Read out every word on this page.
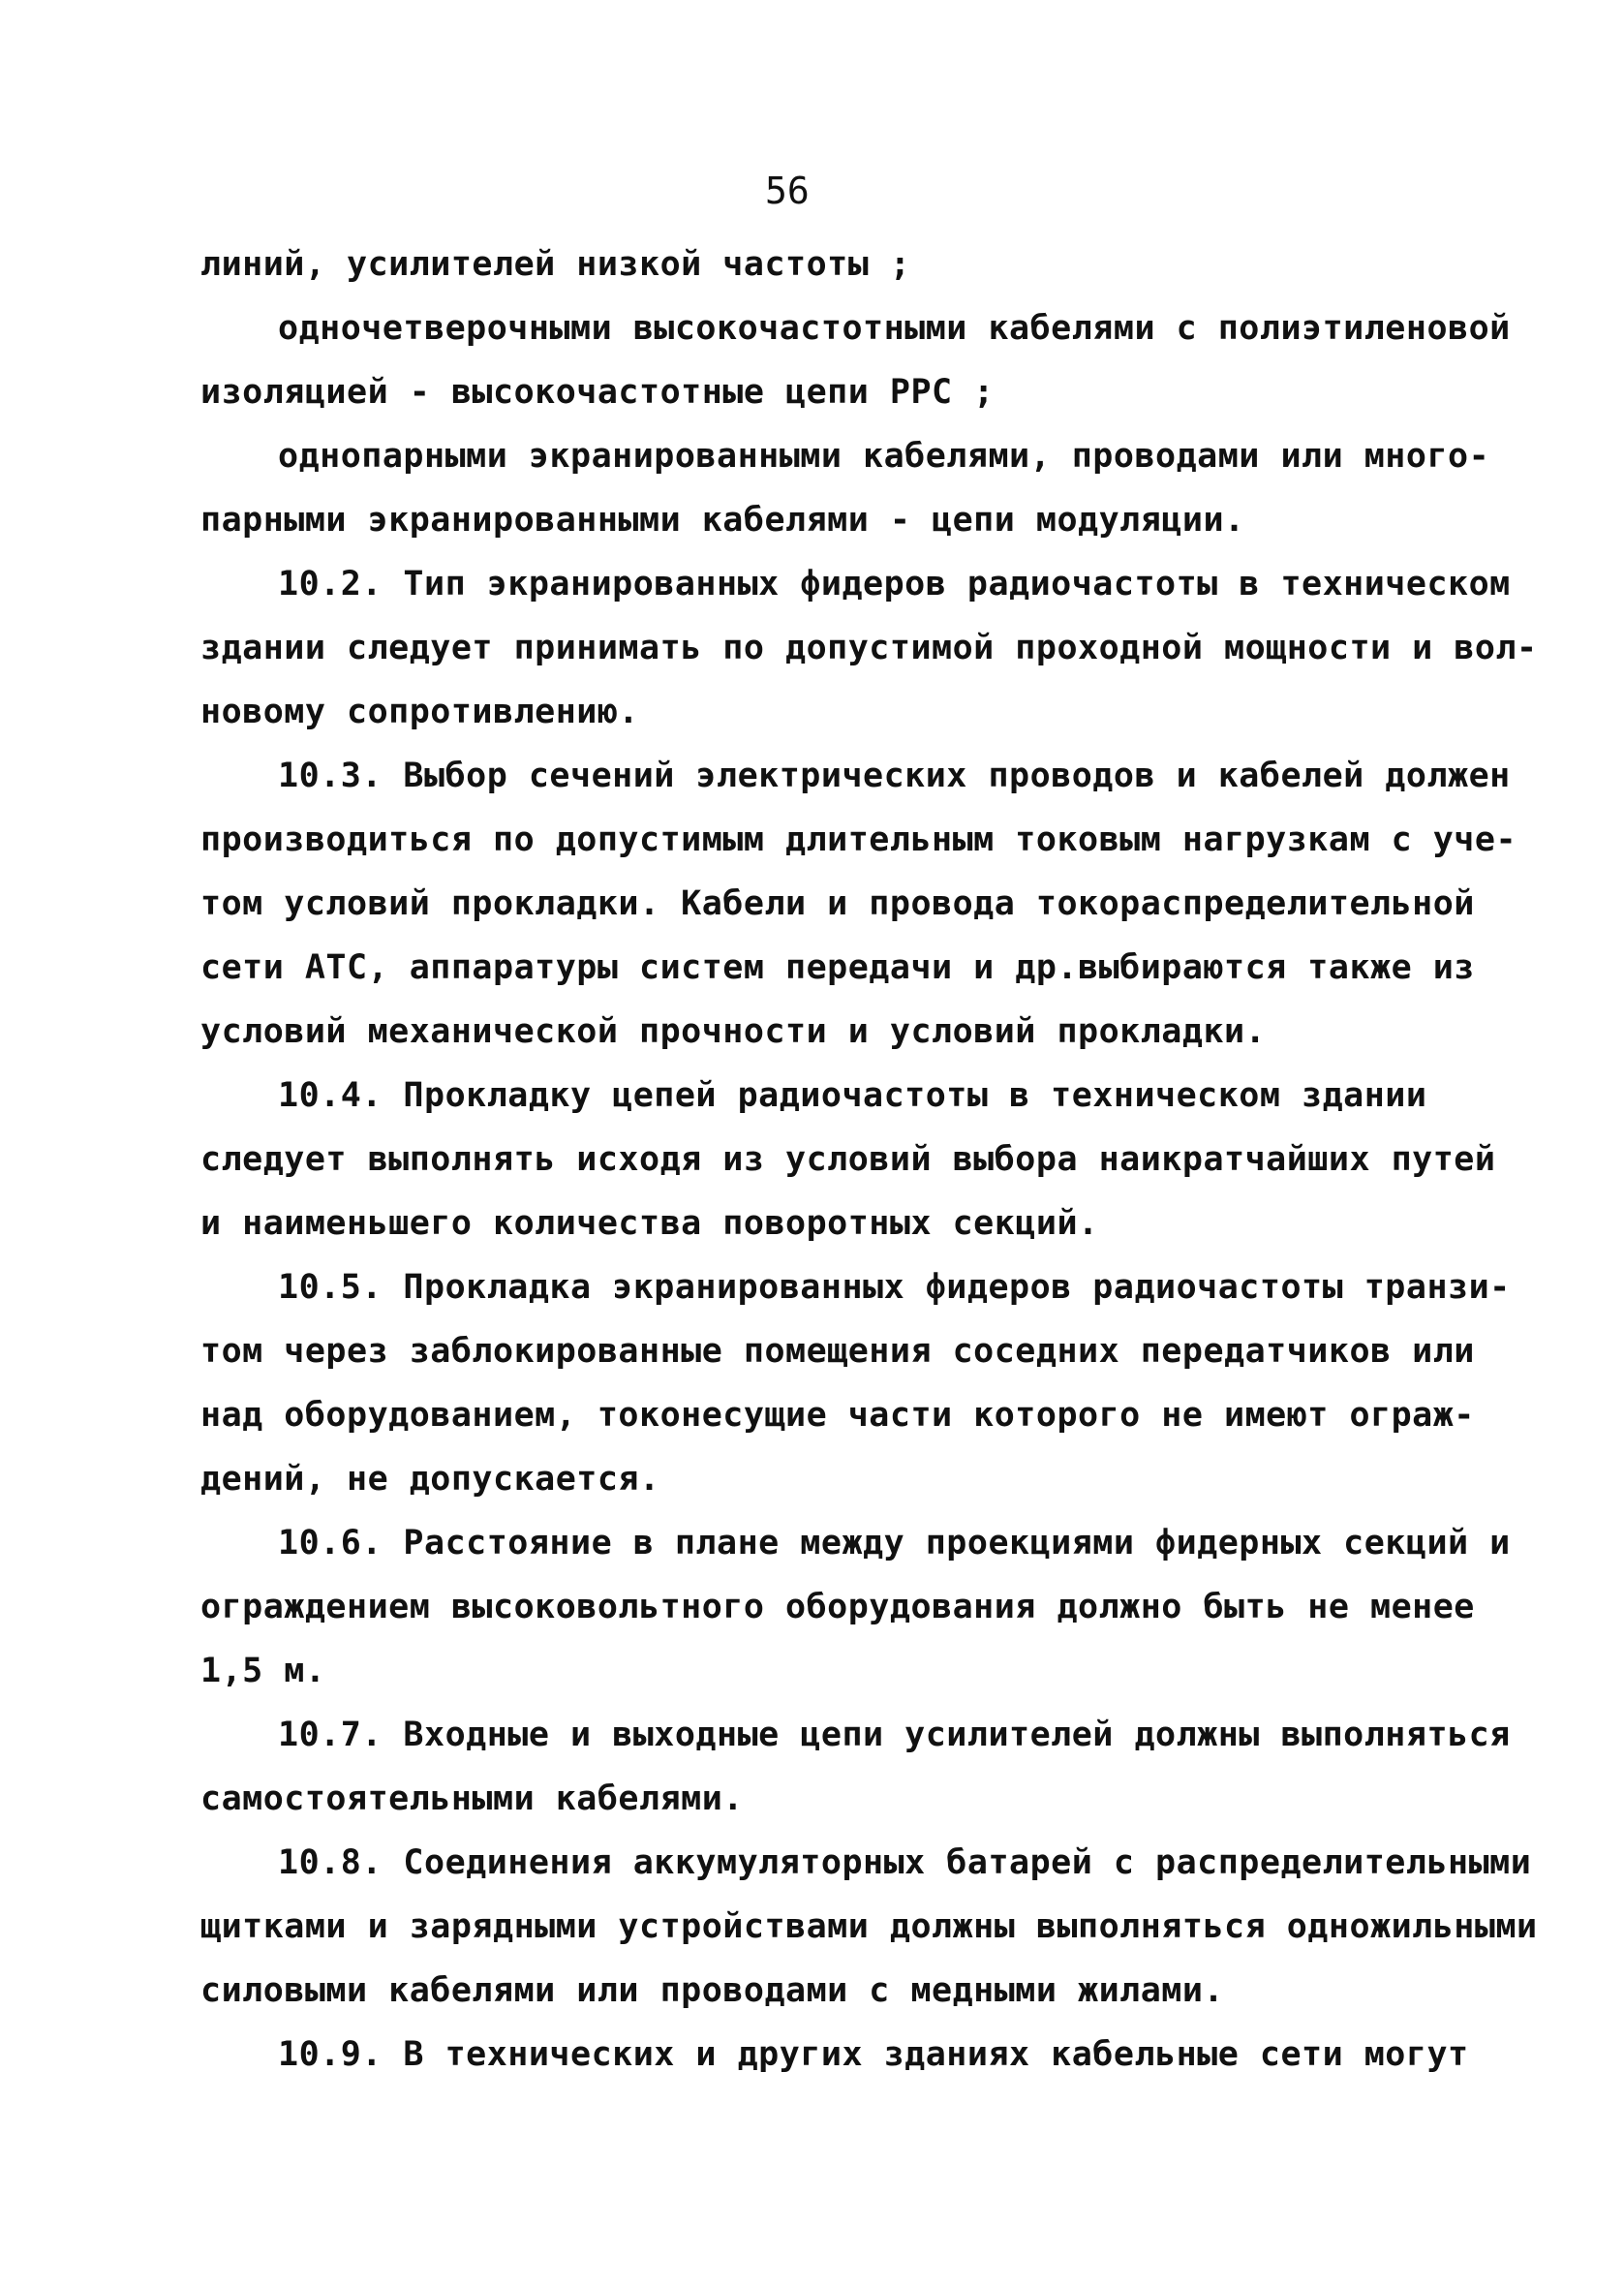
56
линий, усилителей низкой частоты ;
одночетверочными высокочастотными кабелями с полиэтиленовой
изоляцией - высокочастотные цепи РРС ;
однопарными экранированными кабелями, проводами или много-
парными экранированными кабелями - цепи модуляции.
10.2. Тип экранированных фидеров радиочастоты в техническом
здании следует принимать по допустимой проходной мощности и вол-
новому сопротивлению.
10.3. Выбор сечений электрических проводов и кабелей должен
производиться по допустимым длительным токовым нагрузкам с уче-
том условий прокладки. Кабели и провода токораспределительной
сети АТС, аппаратуры систем передачи и др.выбираются также из
условий механической прочности и условий прокладки.
10.4. Прокладку цепей радиочастоты в техническом здании
следует выполнять исходя из условий выбора наикратчайших путей
и наименьшего количества поворотных секций.
10.5. Прокладка экранированных фидеров радиочастоты транзи-
том через заблокированные помещения соседних передатчиков или
над оборудованием, токонесущие части которого не имеют ограж-
дений, не допускается.
10.6. Расстояние в плане между проекциями фидерных секций и
ограждением высоковольтного оборудования должно быть не менее
1,5 м.
10.7. Входные и выходные цепи усилителей должны выполняться
самостоятельными кабелями.
10.8. Соединения аккумуляторных батарей с распределительными
щитками и зарядными устройствами должны выполняться одножильными
силовыми кабелями или проводами с медными жилами.
10.9. В технических и других зданиях кабельные сети могут
